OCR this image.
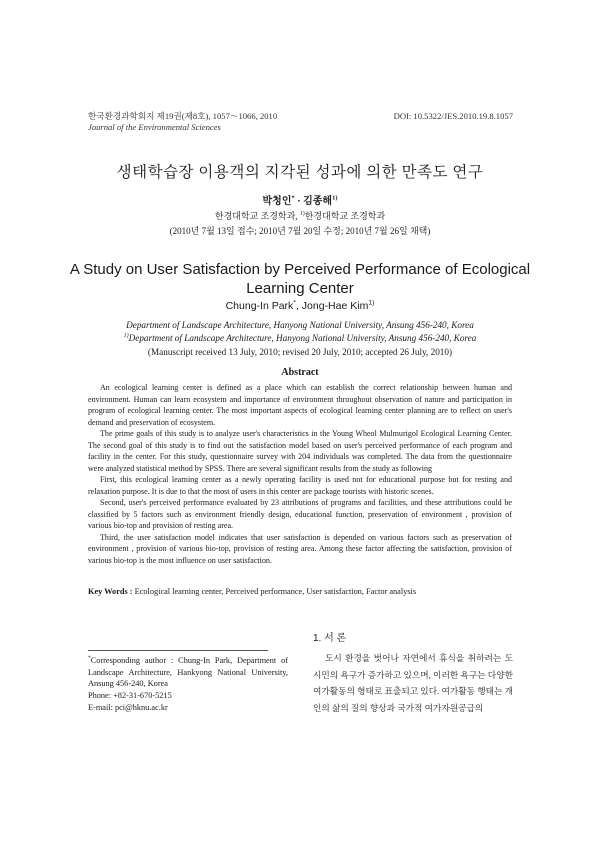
한국환경과학회지 제19권(제8호), 1057～1066, 2010
Journal of the Environmental Sciences
DOI: 10.5322/JES.2010.19.8.1057
생태학습장 이용객의 지각된 성과에 의한 만족도 연구
박청인* · 김종해$^{1)}$
한경대학교 조경학과, $^{1)}$한경대학교 조경학과
(2010년 7월 13일 접수; 2010년 7월 20일 수정; 2010년 7월 26일 채택)
A Study on User Satisfaction by Perceived Performance of Ecological Learning Center
Chung-In Park*, Jong-Hae Kim$^{1)}$
Department of Landscape Architecture, Hanyong National University, Ansung 456-240, Korea
$^{1)}$Department of Landscape Architecture, Hanyong National University, Ansung 456-240, Korea
(Manuscript received 13 July, 2010; revised 20 July, 2010; accepted 26 July, 2010)
Abstract

An ecological learning center is defined as a place which can establish the correct relationship between human and environment. Human can learn ecosystem and importance of environment throughout observation of nature and participation in program of ecological learning center. The most important aspects of ecological learning center planning are to reflect on user's demand and preservation of ecosystem.

The prime goals of this study is to analyze user's characteristics in the Young Wheol Mulmurigol Ecological Learning Center. The second goal of this study is to find out the satisfaction model based on user's perceived performance of each program and facility in the center. For this study, questionnaire survey with 204 individuals was completed. The data from the questionnaire were analyzed statistical method by SPSS. There are several significant results from the study as following

First, this ecological learning center as a newly operating facility is used not for educational purpose but for resting and relaxation purpose. It is due to that the most of users in this center are package tourists with historic scenes.

Second, user's perceived performance evaluated by 23 attributions of programs and facilities, and these attributions could be classified by 5 factors such as environment friendly design, educational function, preservation of environment , provision of various bio-top and provision of resting area.

Third, the user satisfaction model indicates that user satisfaction is depended on various factors such as preservation of environment , provision of various bio-top, provision of resting area. Among these factor affecting the satisfaction, provision of various bio-top is the most influence on user satisfaction.

Key Words : Ecological learning center, Perceived performance, User satisfaction, Factor analysis
1. 서 론

도시 환경을 벗어나 자연에서 휴식을 취하려는 도시민의 욕구가 증가하고 있으며, 이러한 욕구는 다양한 여가활동의 형태로 표출되고 있다. 여가활동 행태는 개인의 삶의 질의 향상과 국가적 여가자원공급의

*Corresponding author : Chung-In Park, Department of Landscape Architecture, Hankyong National University, Ansung 456-240, Korea

Phone: +82-31-670-5215

E-mail: pci@hknu.ac.kr
